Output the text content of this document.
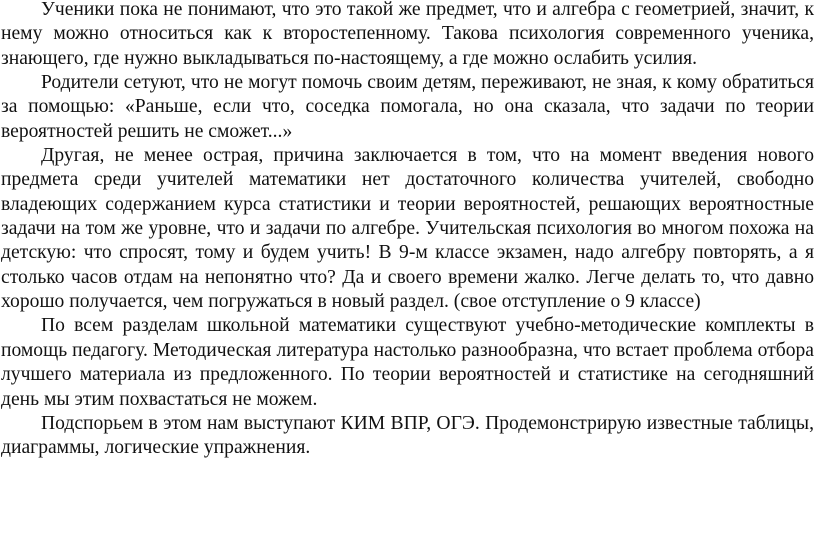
Ученики пока не понимают, что это такой же предмет, что и алгебра с геометрией, значит, к нему можно относиться как к второстепенному. Такова психология современного ученика, знающего, где нужно выкладываться по-настоящему, а где можно ослабить усилия.

Родители сетуют, что не могут помочь своим детям, переживают, не зная, к кому обратиться за помощью: «Раньше, если что, соседка помогала, но она сказала, что задачи по теории вероятностей решить не сможет...»

Другая, не менее острая, причина заключается в том, что на момент введения нового предмета среди учителей математики нет достаточного количества учителей, свободно владеющих содержанием курса статистики и теории вероятностей, решающих вероятностные задачи на том же уровне, что и задачи по алгебре. Учительская психология во многом похожа на детскую: что спросят, тому и будем учить! В 9-м классе экзамен, надо алгебру повторять, а я столько часов отдам на непонятно что? Да и своего времени жалко. Легче делать то, что давно хорошо получается, чем погружаться в новый раздел. (свое отступление о 9 классе)

По всем разделам школьной математики существуют учебно-методические комплекты в помощь педагогу. Методическая литература настолько разнообразна, что встает проблема отбора лучшего материала из предложенного. По теории вероятностей и статистике на сегодняшний день мы этим похвастаться не можем.

Подспорьем в этом нам выступают КИМ ВПР, ОГЭ. Продемонстрирую известные таблицы, диаграммы, логические упражнения.
